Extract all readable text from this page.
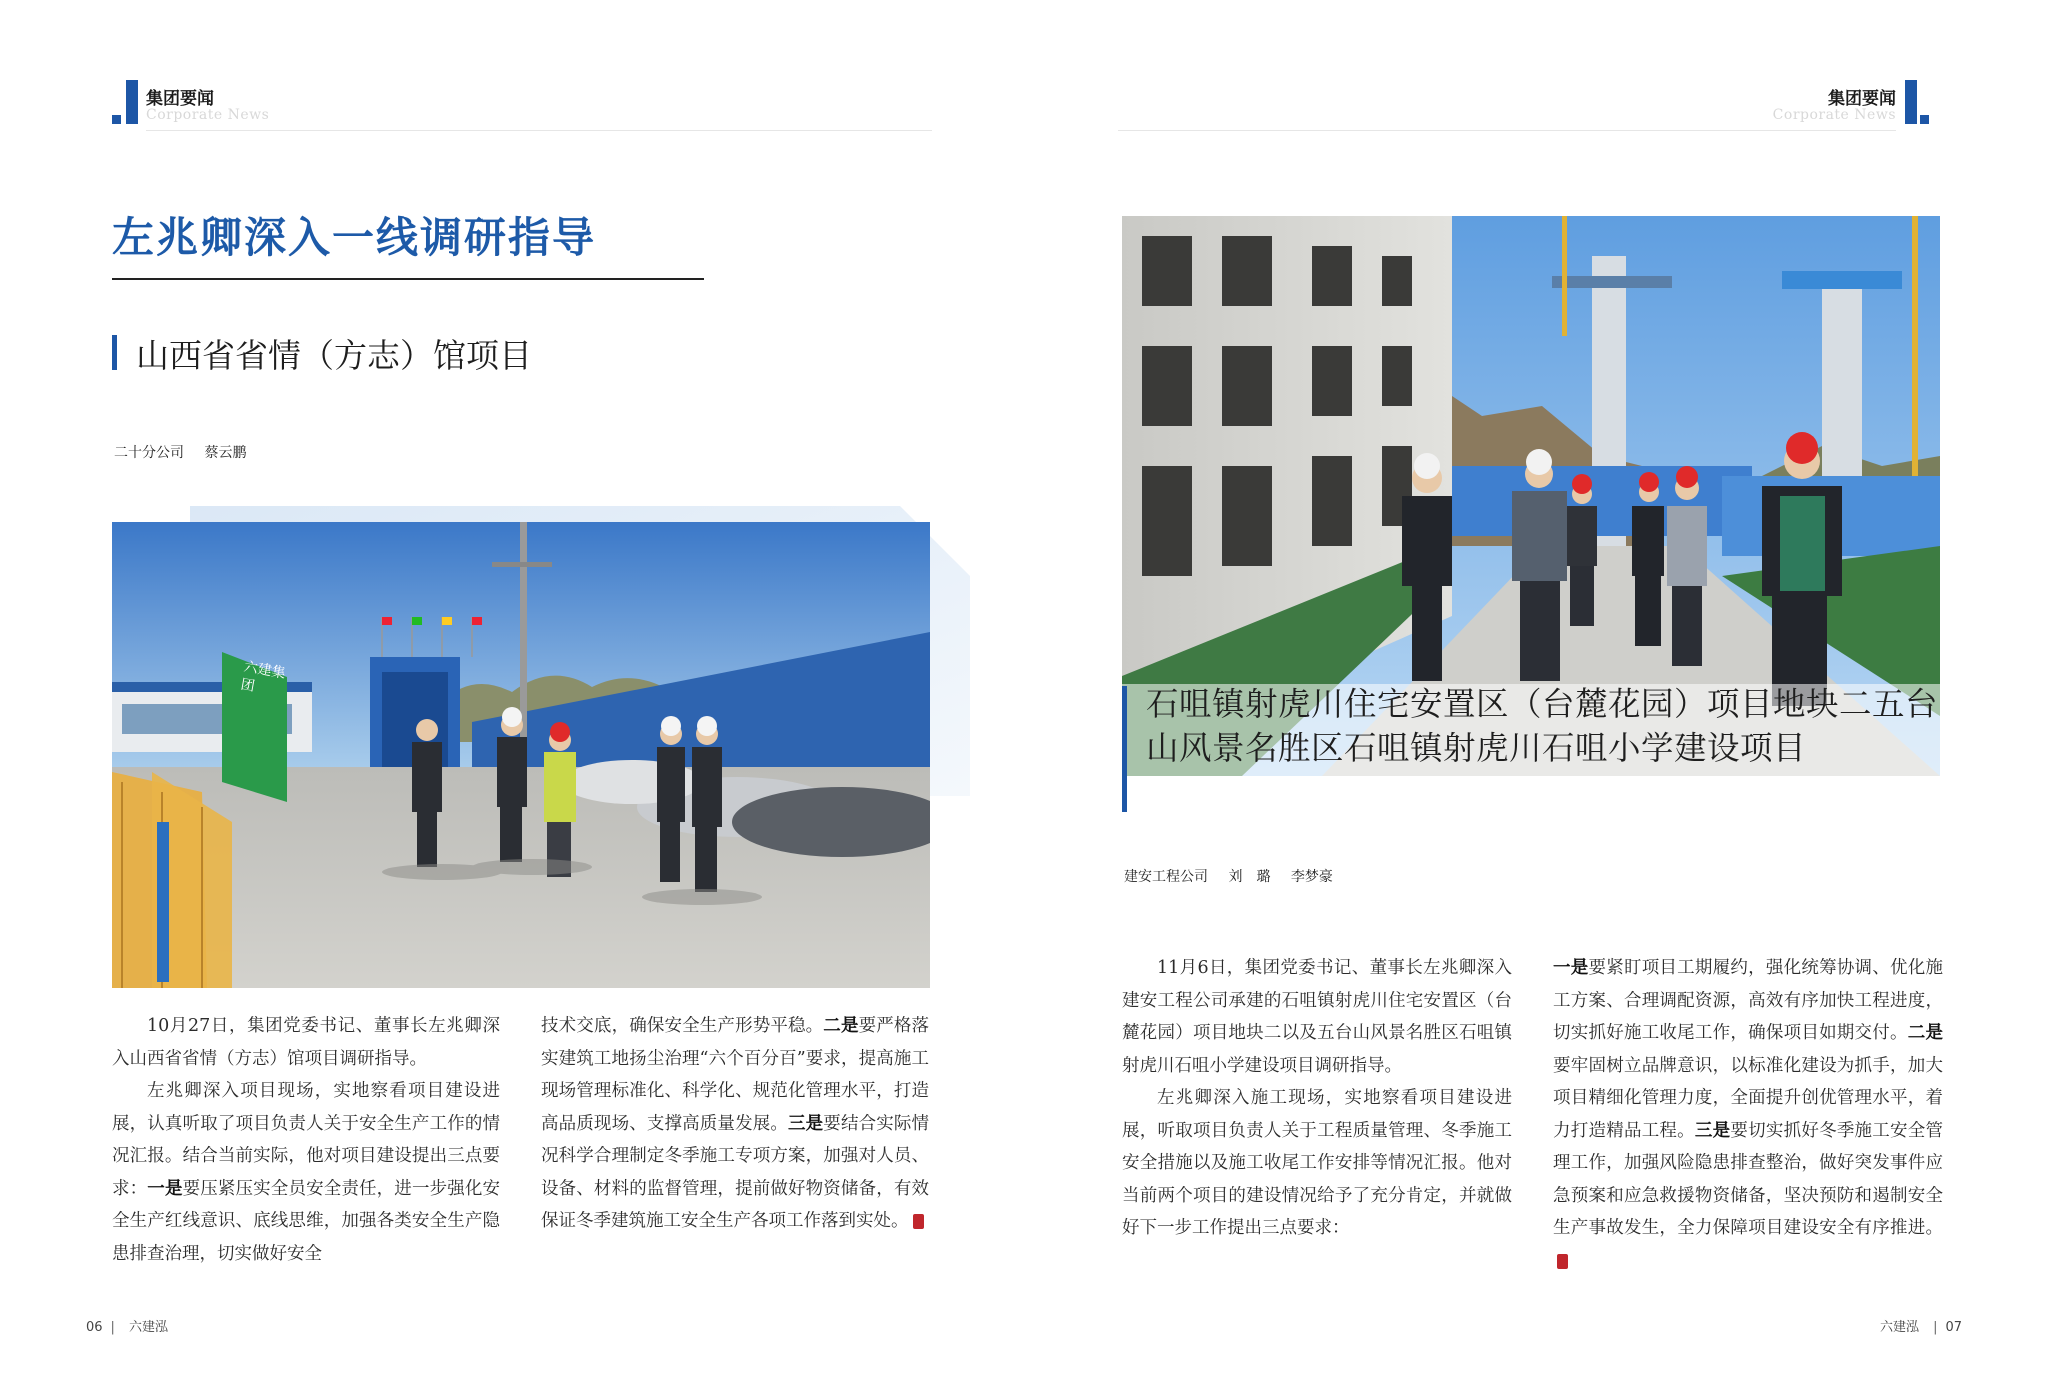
集团要闻
Corporate News
集团要闻
Corporate News
左兆卿深入一线调研指导
山西省省情（方志）馆项目
二十分公司 蔡云鹏
六建集团

10月27日，集团党委书记、董事长左兆卿深入山西省省情（方志）馆项目调研指导。

左兆卿深入项目现场，实地察看项目建设进展，认真听取了项目负责人关于安全生产工作的情况汇报。结合当前实际，他对项目建设提出三点要求：一是要压紧压实全员安全责任，进一步强化安全生产红线意识、底线思维，加强各类安全生产隐患排查治理，切实做好安全

技术交底，确保安全生产形势平稳。二是要严格落实建筑工地扬尘治理“六个百分百”要求，提高施工现场管理标准化、科学化、规范化管理水平，打造高品质现场、支撑高质量发展。三是要结合实际情况科学合理制定冬季施工专项方案，加强对人员、设备、材料的监督管理，提前做好物资储备，有效保证冬季建筑施工安全生产各项工作落到实处。

石咀镇射虎川住宅安置区（台麓花园）项目地块二五台山风景名胜区石咀镇射虎川石咀小学建设项目
建安工程公司 刘　璐 李梦豪

11月6日，集团党委书记、董事长左兆卿深入建安工程公司承建的石咀镇射虎川住宅安置区（台麓花园）项目地块二以及五台山风景名胜区石咀镇射虎川石咀小学建设项目调研指导。

左兆卿深入施工现场，实地察看项目建设进展，听取项目负责人关于工程质量管理、冬季施工安全措施以及施工收尾工作安排等情况汇报。他对当前两个项目的建设情况给予了充分肯定，并就做好下一步工作提出三点要求：

一是要紧盯项目工期履约，强化统筹协调、优化施工方案、合理调配资源，高效有序加快工程进度，切实抓好施工收尾工作，确保项目如期交付。二是要牢固树立品牌意识，以标准化建设为抓手，加大项目精细化管理力度，全面提升创优管理水平，着力打造精品工程。三是要切实抓好冬季施工安全管理工作，加强风险隐患排查整治，做好突发事件应急预案和应急救援物资储备，坚决预防和遏制安全生产事故发生，全力保障项目建设安全有序推进。

06 | 六建泓	六建泓 | 07
